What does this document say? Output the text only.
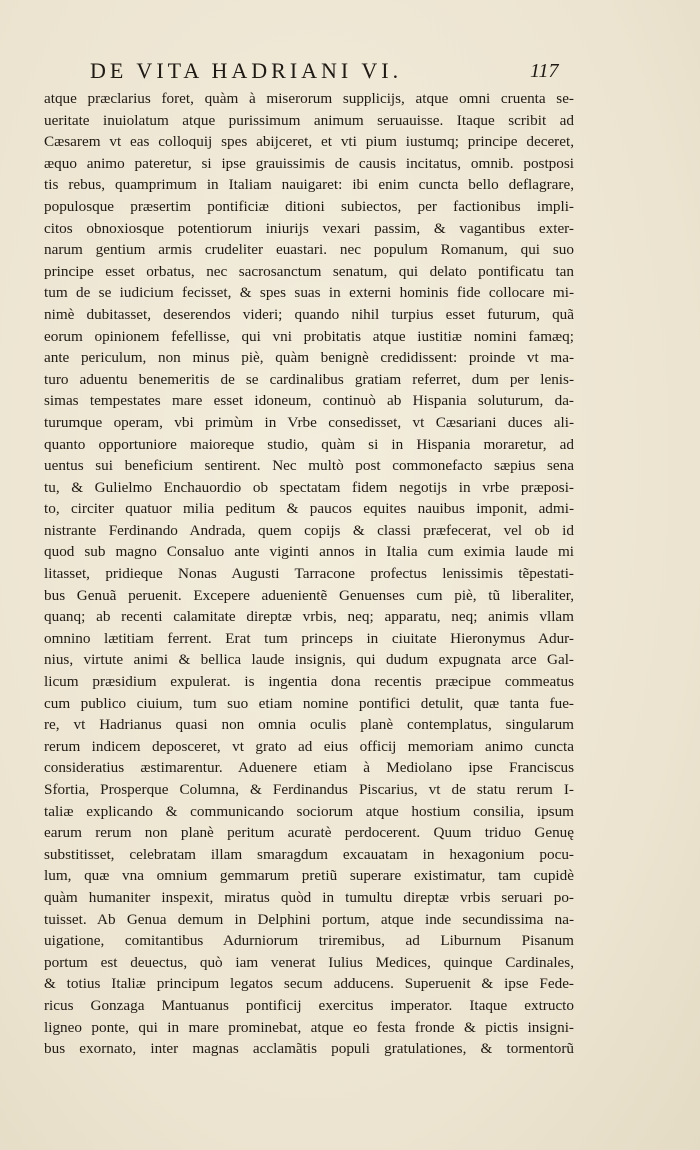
DE VITA HADRIANI VI.	117
atque præclarius foret, quàm à miserorum supplicijs, atque omni cruenta se-
ueritate inuiolatum atque purissimum animum seruauisse. Itaque scribit ad
Cæsarem vt eas colloquij spes abijceret, et vti pium iustumq; principe deceret,
æquo animo pateretur, si ipse grauissimis de causis incitatus, omnib. postposi
tis rebus, quamprimum in Italiam nauigaret: ibi enim cuncta bello deflagrare,
populosque præsertim pontificiæ ditioni subiectos, per factionibus impli-
citos obnoxiosque potentiorum iniurijs vexari passim, & vagantibus exter-
narum gentium armis crudeliter euastari. nec populum Romanum, qui suo
principe esset orbatus, nec sacrosanctum senatum, qui delato pontificatu tan
tum de se iudicium fecisset, & spes suas in externi hominis fide collocare mi-
nimè dubitasset, deserendos videri; quando nihil turpius esset futurum, quã
eorum opinionem fefellisse, qui vni probitatis atque iustitiæ nomini famæq;
ante periculum, non minus piè, quàm benignè credidissent: proinde vt ma-
turo aduentu benemeritis de se cardinalibus gratiam referret, dum per lenis-
simas tempestates mare esset idoneum, continuò ab Hispania soluturum, da-
turumque operam, vbi primùm in Vrbe consedisset, vt Cæsariani duces ali-
quanto opportuniore maioreque studio, quàm si in Hispania moraretur, ad
uentus sui beneficium sentirent. Nec multò post commonefacto sæpius sena
tu, & Gulielmo Enchauordio ob spectatam fidem negotijs in vrbe præposi-
to, circiter quatuor milia peditum & paucos equites nauibus imponit, admi-
nistrante Ferdinando Andrada, quem copijs & classi præfecerat, vel ob id
quod sub magno Consaluo ante viginti annos in Italia cum eximia laude mi
litasset, pridieque Nonas Augusti Tarracone profectus lenissimis tẽpestati-
bus Genuã peruenit. Excepere aduenientẽ Genuenses cum piè, tũ liberaliter,
quanq; ab recenti calamitate direptæ vrbis, neq; apparatu, neq; animis vllam
omnino lætitiam ferrent. Erat tum princeps in ciuitate Hieronymus Adur-
nius, virtute animi & bellica laude insignis, qui dudum expugnata arce Gal-
licum præsidium expulerat. is ingentia dona recentis præcipue commeatus
cum publico ciuium, tum suo etiam nomine pontifici detulit, quæ tanta fue-
re, vt Hadrianus quasi non omnia oculis planè contemplatus, singularum
rerum indicem deposceret, vt grato ad eius officij memoriam animo cuncta
consideratius æstimarentur. Aduenere etiam à Mediolano ipse Franciscus
Sfortia, Prosperque Columna, & Ferdinandus Piscarius, vt de statu rerum I-
taliæ explicando & communicando sociorum atque hostium consilia, ipsum
earum rerum non planè peritum acuratè perdocerent. Quum triduo Genuę
substitisset, celebratam illam smaragdum excauatam in hexagonium pocu-
lum, quæ vna omnium gemmarum pretiũ superare existimatur, tam cupidè
quàm humaniter inspexit, miratus quòd in tumultu direptæ vrbis seruari po-
tuisset. Ab Genua demum in Delphini portum, atque inde secundissima na-
uigatione, comitantibus Adurniorum triremibus, ad Liburnum Pisanum
portum est deuectus, quò iam venerat Iulius Medices, quinque Cardinales,
& totius Italiæ principum legatos secum adducens. Superuenit & ipse Fede-
ricus Gonzaga Mantuanus pontificij exercitus imperator. Itaque extructo
ligneo ponte, qui in mare prominebat, atque eo festa fronde & pictis insigni-
bus exornato, inter magnas acclamãtis populi gratulationes, & tormentorũ
